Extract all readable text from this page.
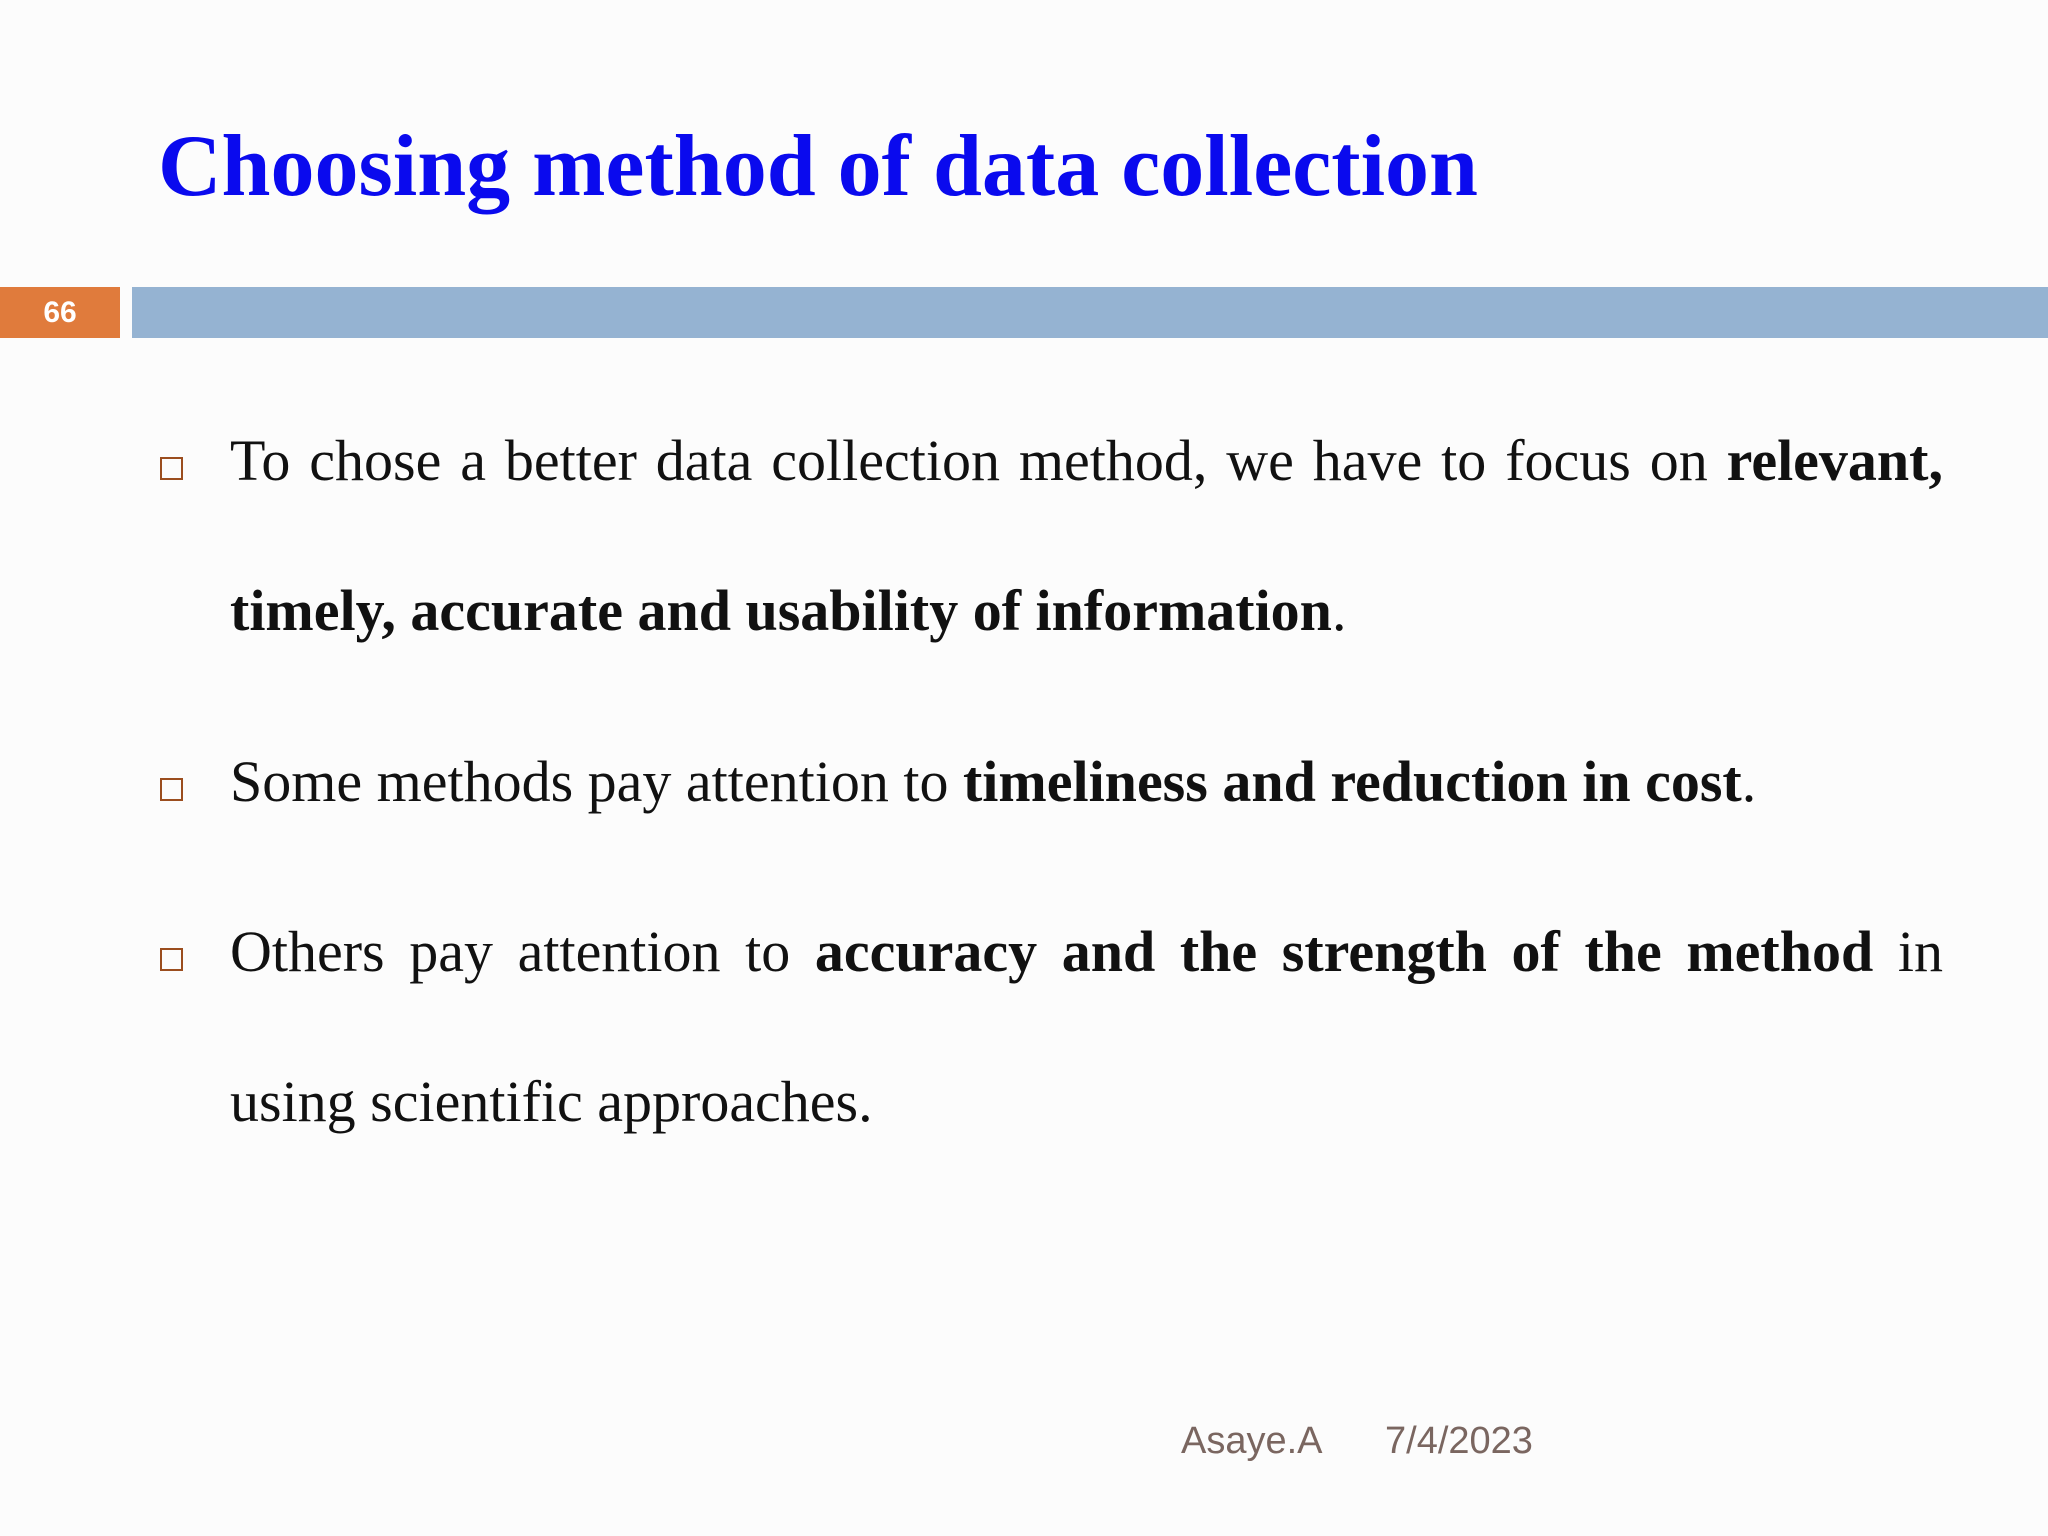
Choosing method of data collection
66
To chose a better data collection method, we have to focus on relevant, timely, accurate and usability of information.
Some methods pay attention to timeliness and reduction in cost.
Others pay attention to accuracy and the strength of the method in using scientific approaches.
Asaye.A 7/4/2023
